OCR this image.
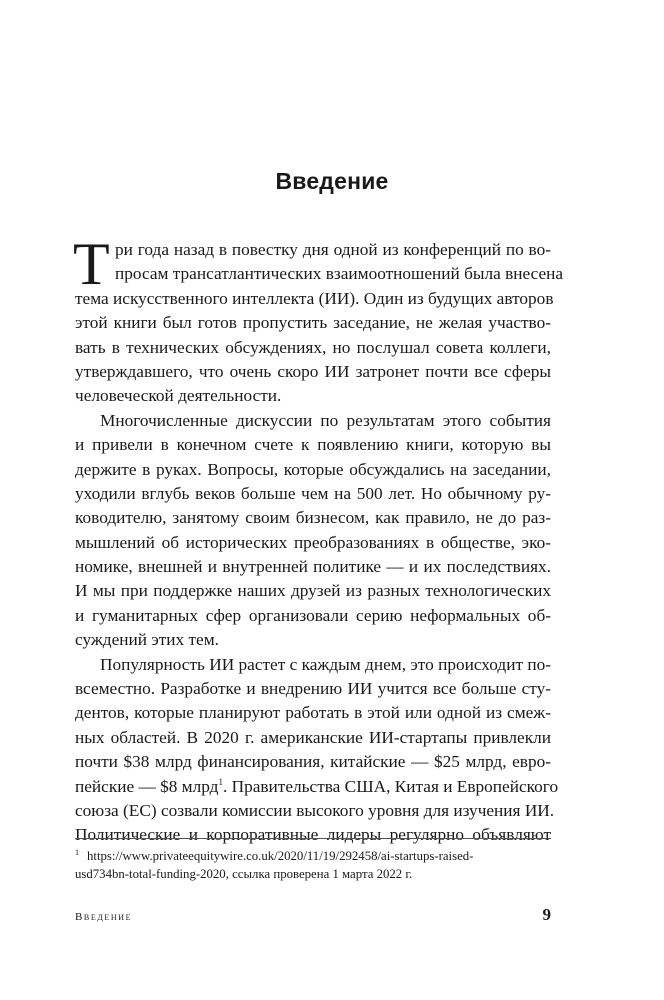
Введение
Т ри года назад в повестку дня одной из конференций по во-
просам трансатлантических взаимоотношений была внесена
тема искусственного интеллекта (ИИ). Один из будущих авторов
этой книги был готов пропустить заседание, не желая участво-
вать в технических обсуждениях, но послушал совета коллеги,
утверждавшего, что очень скоро ИИ затронет почти все сферы
человеческой деятельности.
Многочисленные дискуссии по результатам этого события
и привели в конечном счете к появлению книги, которую вы
держите в руках. Вопросы, которые обсуждались на заседании,
уходили вглубь веков больше чем на 500 лет. Но обычному ру-
ководителю, занятому своим бизнесом, как правило, не до раз-
мышлений об исторических преобразованиях в обществе, эко-
номике, внешней и внутренней политике — и их последствиях.
И мы при поддержке наших друзей из разных технологических
и гуманитарных сфер организовали серию неформальных об-
суждений этих тем.
Популярность ИИ растет с каждым днем, это происходит по-
всеместно. Разработке и внедрению ИИ учится все больше сту-
дентов, которые планируют работать в этой или одной из смеж-
ных областей. В 2020 г. американские ИИ-стартапы привлекли
почти $38 млрд финансирования, китайские — $25 млрд, евро-
пейские — $8 млрд$^1$. Правительства США, Китая и Европейского
союза (ЕС) созвали комиссии высокого уровня для изучения ИИ.
Политические и корпоративные лидеры регулярно объявляют
$^1$ https://www.privateequitywire.co.uk/2020/11/19/292458/ai-startups-raised-
usd734bn-total-funding-2020, ссылка проверена 1 марта 2022 г.
Введение	9
